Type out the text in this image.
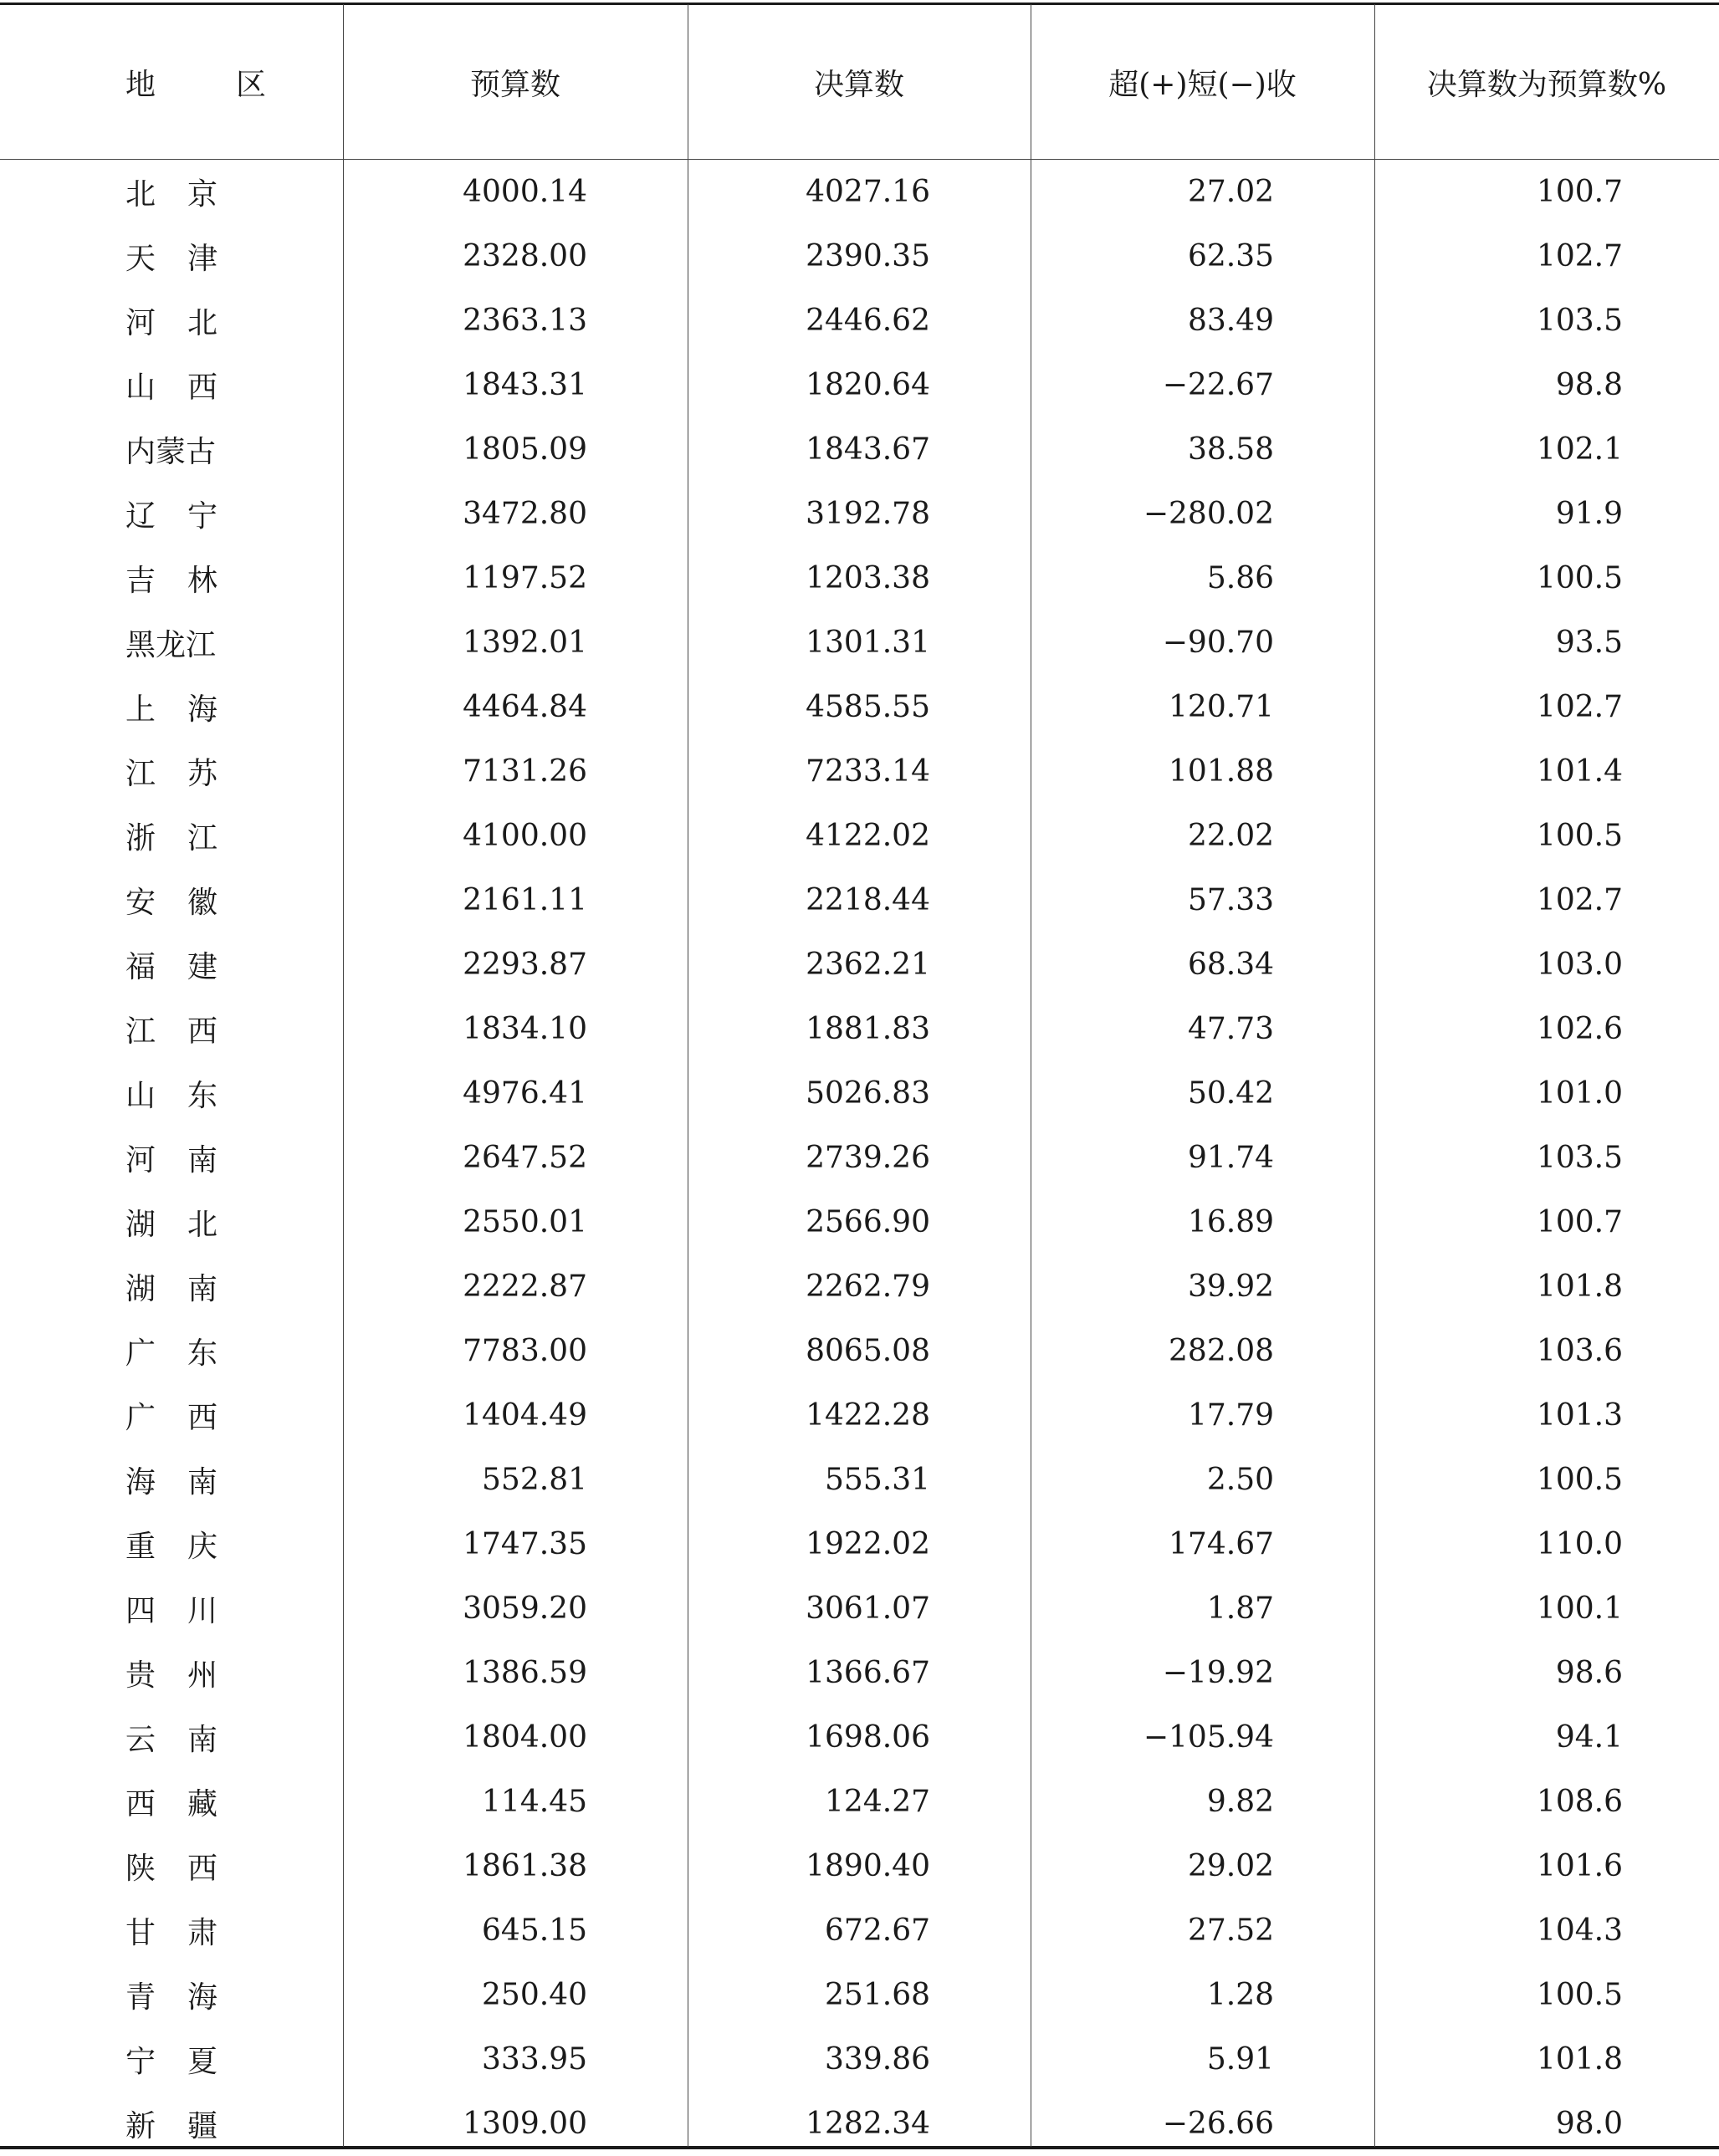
地　区	预算数	决算数	超(+)短(−)收	决算数为预算数%
北 京	4000.14	4027.16	27.02	100.7
天 津	2328.00	2390.35	62.35	102.7
河 北	2363.13	2446.62	83.49	103.5
山 西	1843.31	1820.64	−22.67	98.8
内蒙古	1805.09	1843.67	38.58	102.1
辽 宁	3472.80	3192.78	−280.02	91.9
吉 林	1197.52	1203.38	5.86	100.5
黑龙江	1392.01	1301.31	−90.70	93.5
上 海	4464.84	4585.55	120.71	102.7
江 苏	7131.26	7233.14	101.88	101.4
浙 江	4100.00	4122.02	22.02	100.5
安 徽	2161.11	2218.44	57.33	102.7
福 建	2293.87	2362.21	68.34	103.0
江 西	1834.10	1881.83	47.73	102.6
山 东	4976.41	5026.83	50.42	101.0
河 南	2647.52	2739.26	91.74	103.5
湖 北	2550.01	2566.90	16.89	100.7
湖 南	2222.87	2262.79	39.92	101.8
广 东	7783.00	8065.08	282.08	103.6
广 西	1404.49	1422.28	17.79	101.3
海 南	552.81	555.31	2.50	100.5
重 庆	1747.35	1922.02	174.67	110.0
四 川	3059.20	3061.07	1.87	100.1
贵 州	1386.59	1366.67	−19.92	98.6
云 南	1804.00	1698.06	−105.94	94.1
西 藏	114.45	124.27	9.82	108.6
陕 西	1861.38	1890.40	29.02	101.6
甘 肃	645.15	672.67	27.52	104.3
青 海	250.40	251.68	1.28	100.5
宁 夏	333.95	339.86	5.91	101.8
新 疆	1309.00	1282.34	−26.66	98.0
